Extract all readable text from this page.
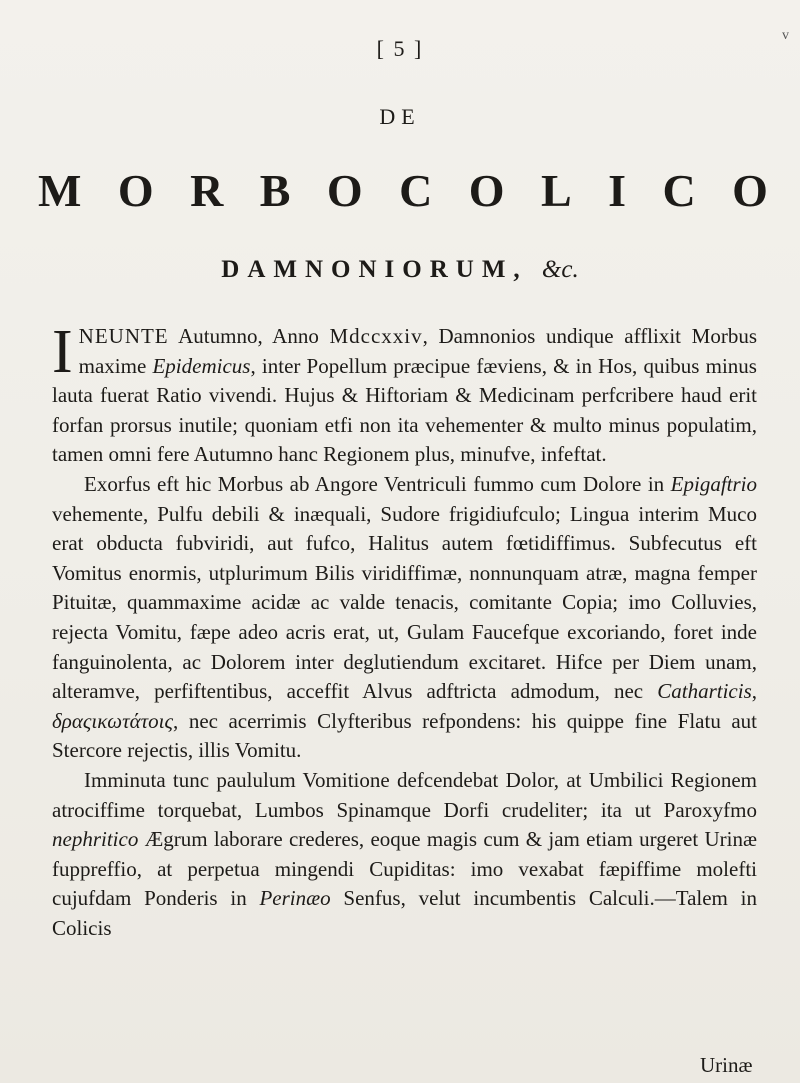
[ 5 ]
v
DE
M O R B O C O L I C O
DAMNONIORUM, &c.

INEUNTE Autumno, Anno Mdccxxiv, Damnonios undique afflixit Morbus maxime Epidemicus, inter Popellum præcipue fæviens, & in Hos, quibus minus lauta fuerat Ratio vivendi. Hujus & Hiftoriam & Medicinam perfcribere haud erit forfan prorsus inutile; quoniam etfi non ita vehementer & multo minus populatim, tamen omni fere Autumno hanc Regionem plus, minufve, infeftat.

Exorfus eft hic Morbus ab Angore Ventriculi fummo cum Dolore in Epigaftrio vehemente, Pulfu debili & inæquali, Sudore frigidiufculo; Lingua interim Muco erat obducta fubviridi, aut fufco, Halitus autem fœtidiffimus. Subfecutus eft Vomitus enormis, utplurimum Bilis viridiffimæ, nonnunquam atræ, magna femper Pituitæ, quammaxime acidæ ac valde tenacis, comitante Copia; imo Colluvies, rejecta Vomitu, fæpe adeo acris erat, ut, Gulam Faucefque excoriando, foret inde fanguinolenta, ac Dolorem inter deglutiendum excitaret. Hifce per Diem unam, alteramve, perfiftentibus, acceffit Alvus adftricta admodum, nec Catharticis, δραςικωτάτοις, nec acerrimis Clyfteribus refpondens: his quippe fine Flatu aut Stercore rejectis, illis Vomitu.

Imminuta tunc paululum Vomitione defcendebat Dolor, at Umbilici Regionem atrociffime torquebat, Lumbos Spinamque Dorfi crudeliter; ita ut Paroxyfmo nephritico Ægrum laborare crederes, eoque magis cum & jam etiam urgeret Urinæ fuppreffio, at perpetua mingendi Cupiditas: imo vexabat fæpiffime molefti cujufdam Ponderis in Perinæo Senfus, velut incumbentis Calculi.—Talem in Colicis

Urinæ
